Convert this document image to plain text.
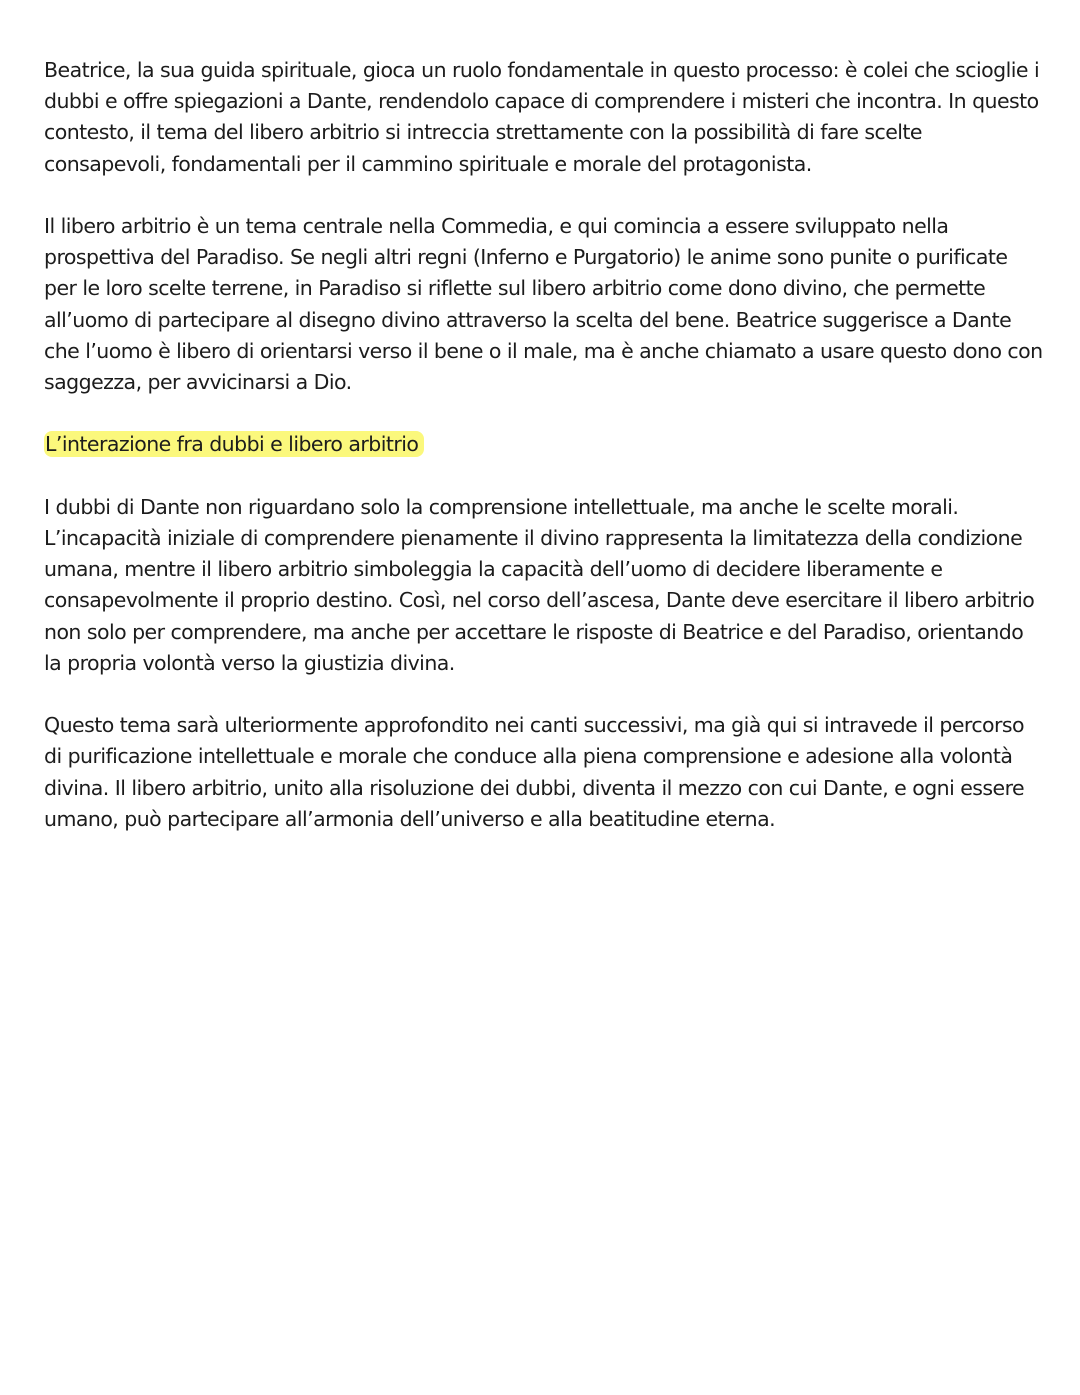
Beatrice, la sua guida spirituale, gioca un ruolo fondamentale in questo processo: è colei che scioglie i dubbi e offre spiegazioni a Dante, rendendolo capace di comprendere i misteri che incontra. In questo contesto, il tema del libero arbitrio si intreccia strettamente con la possibilità di fare scelte consapevoli, fondamentali per il cammino spirituale e morale del protagonista.

Il libero arbitrio è un tema centrale nella Commedia, e qui comincia a essere sviluppato nella prospettiva del Paradiso. Se negli altri regni (Inferno e Purgatorio) le anime sono punite o purificate per le loro scelte terrene, in Paradiso si riflette sul libero arbitrio come dono divino, che permette all’uomo di partecipare al disegno divino attraverso la scelta del bene. Beatrice suggerisce a Dante che l’uomo è libero di orientarsi verso il bene o il male, ma è anche chiamato a usare questo dono con saggezza, per avvicinarsi a Dio.

L’interazione fra dubbi e libero arbitrio

I dubbi di Dante non riguardano solo la comprensione intellettuale, ma anche le scelte morali. L’incapacità iniziale di comprendere pienamente il divino rappresenta la limitatezza della condizione umana, mentre il libero arbitrio simboleggia la capacità dell’uomo di decidere liberamente e consapevolmente il proprio destino. Così, nel corso dell’ascesa, Dante deve esercitare il libero arbitrio non solo per comprendere, ma anche per accettare le risposte di Beatrice e del Paradiso, orientando la propria volontà verso la giustizia divina.

Questo tema sarà ulteriormente approfondito nei canti successivi, ma già qui si intravede il percorso di purificazione intellettuale e morale che conduce alla piena comprensione e adesione alla volontà divina. Il libero arbitrio, unito alla risoluzione dei dubbi, diventa il mezzo con cui Dante, e ogni essere umano, può partecipare all’armonia dell’universo e alla beatitudine eterna.
